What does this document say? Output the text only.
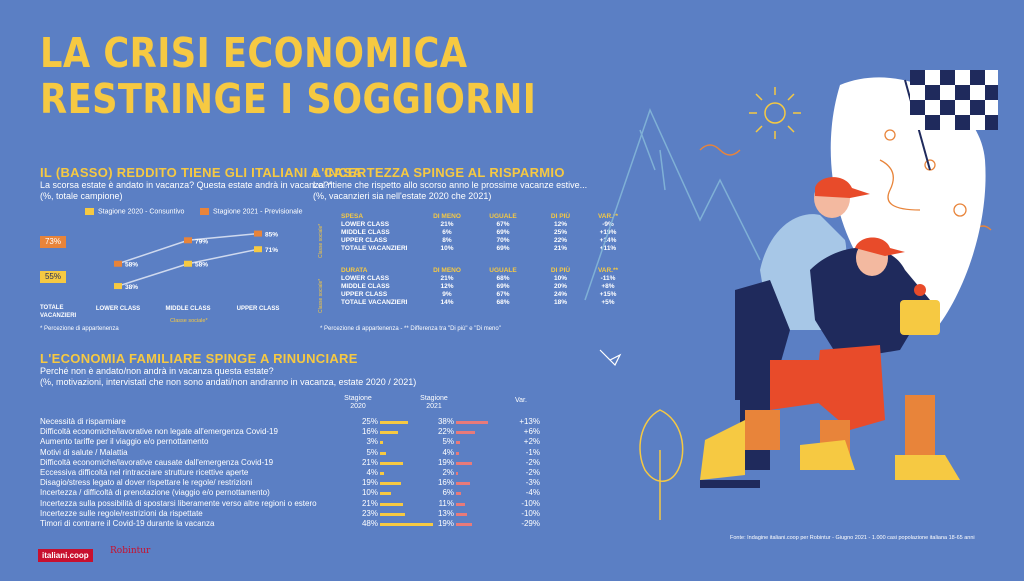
LA CRISI ECONOMICA
RESTRINGE I SOGGIORNI
IL (BASSO) REDDITO TIENE GLI ITALIANI A CASA
La scorsa estate è andato in vacanza? Questa estate andrà in vacanza?*
(%, totale campione)
Stagione 2020 - Consuntivo	Stagione 2021 - Previsionale
73%
55%
TOTALE
VACANZIERI
38%
58%
71%
58%
79%
85%
LOWER CLASS	MIDDLE CLASS	UPPER CLASS
Classe sociale*
* Percezione di appartenenza
L'INCERTEZZA SPINGE AL RISPARMIO
Lei ritiene che rispetto allo scorso anno le prossime vacanze estive...
(%, vacanzieri sia nell'estate 2020 che 2021)
Classe sociale*
Classe sociale*
SPESA	DI MENO	UGUALE	DI PIÙ	VAR.**
LOWER CLASS	21%	67%	12%	-9%
MIDDLE CLASS	6%	69%	25%	+19%
UPPER CLASS	8%	70%	22%	+14%
TOTALE VACANZIERI	10%	69%	21%	+11%
DURATA	DI MENO	UGUALE	DI PIÙ	VAR.**
LOWER CLASS	21%	68%	10%	-11%
MIDDLE CLASS	12%	69%	20%	+8%
UPPER CLASS	9%	67%	24%	+15%
TOTALE VACANZIERI	14%	68%	18%	+5%
* Percezione di appartenenza - ** Differenza tra "Di più" e "Di meno"
L'ECONOMIA FAMILIARE SPINGE A RINUNCIARE
Perché non è andato/non andrà in vacanza questa estate?
(%, motivazioni, intervistati che non sono andati/non andranno in vacanza, estate 2020 / 2021)
Stagione 2020
Stagione 2021
Var.
Necessità di risparmiare	25%	38%	+13%
Difficoltà economiche/lavorative non legate all'emergenza Covid-19	16%	22%	+6%
Aumento tariffe per il viaggio e/o pernottamento	3%	5%	+2%
Motivi di salute / Malattia	5%	4%	-1%
Difficoltà economiche/lavorative causate dall'emergenza Covid-19	21%	19%	-2%
Eccessiva difficoltà nel rintracciare strutture ricettive aperte	4%	2%	-2%
Disagio/stress legato al dover rispettare le regole/ restrizioni	19%	16%	-3%
Incertezza / difficoltà di prenotazione (viaggio e/o pernottamento)	10%	6%	-4%
Incertezza sulla possibilità di spostarsi liberamente verso altre regioni o estero	21%	11%	-10%
Incertezze sulle regole/restrizioni da rispettate	23%	13%	-10%
Timori di contrarre il Covid-19 durante la vacanza	48%	19%	-29%
italiani.coop	Robintur
Fonte: Indagine italiani.coop per Robintur - Giugno 2021 - 1.000 casi popolazione italiana 18-65 anni
